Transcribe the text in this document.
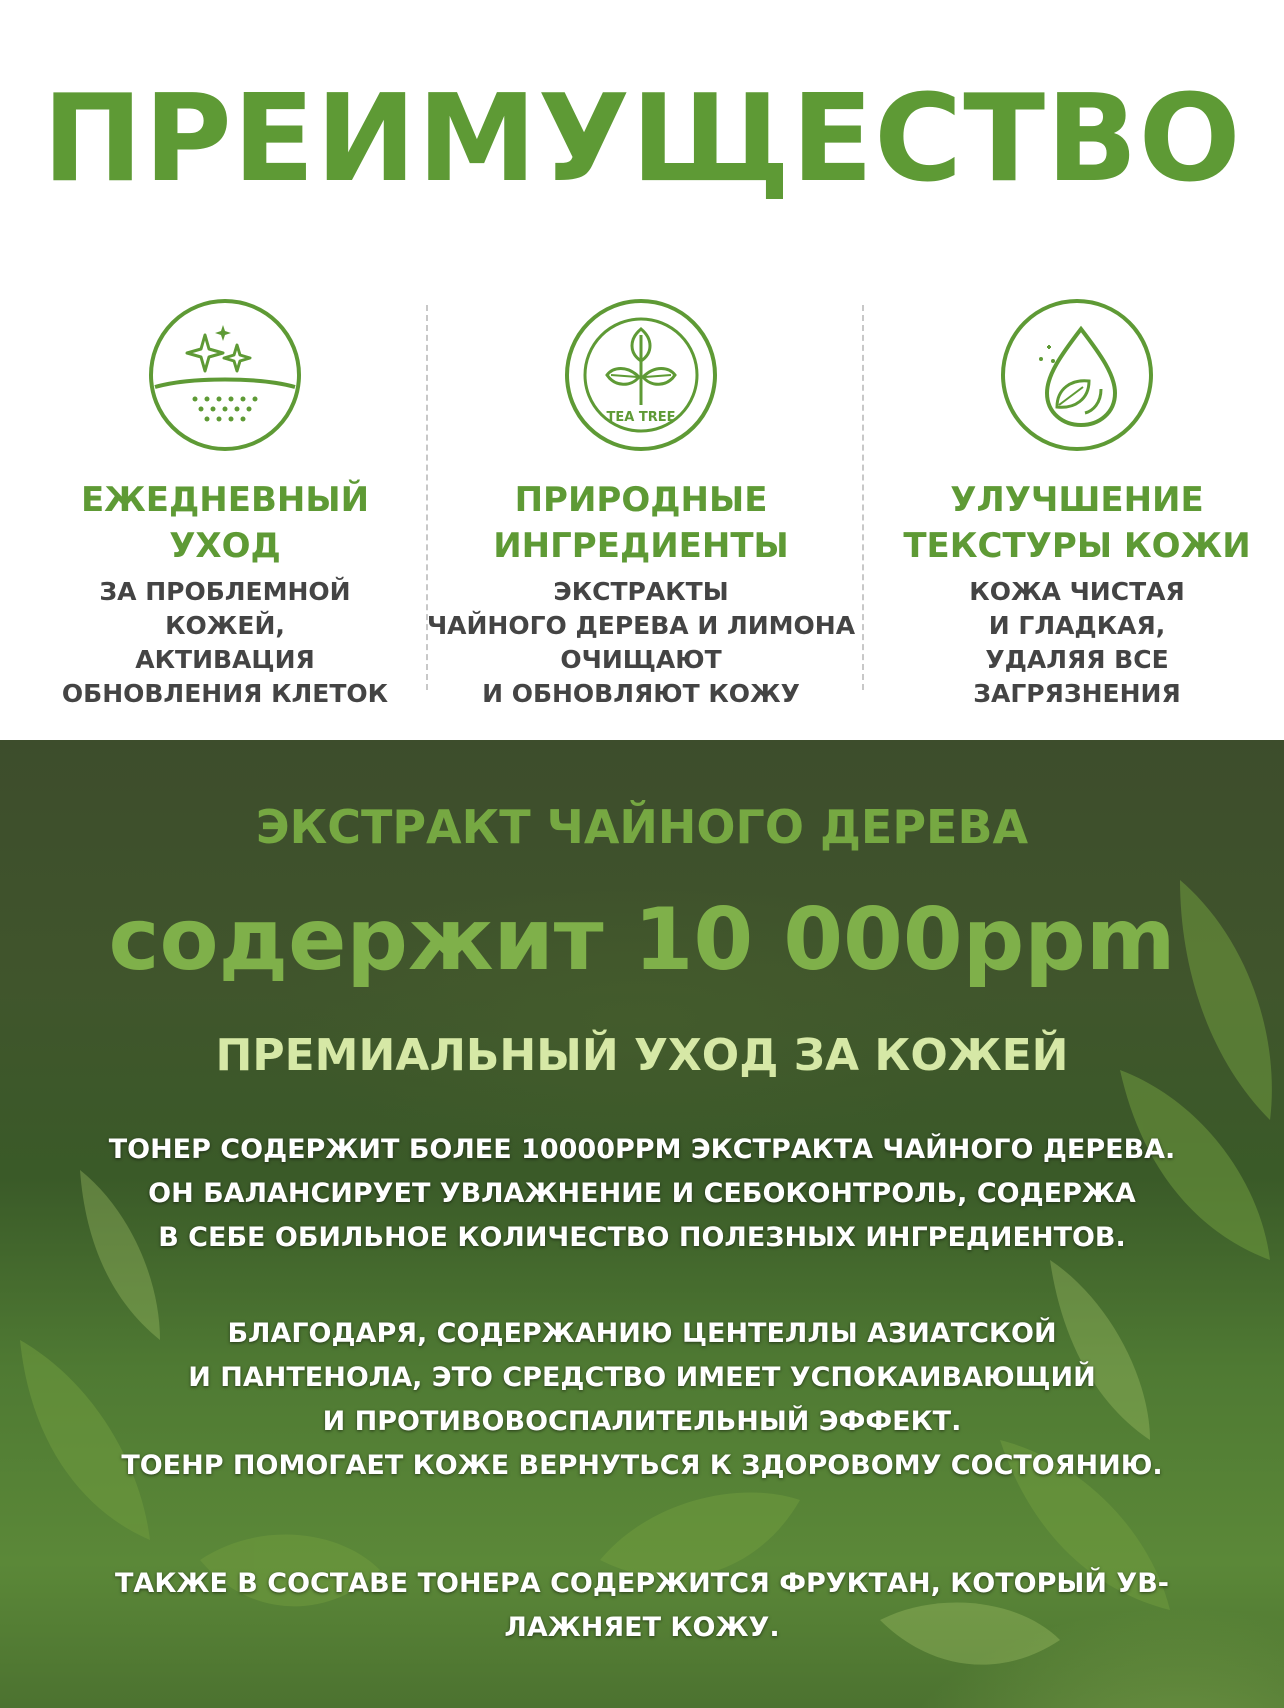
ПРЕИМУЩЕСТВО
ЕЖЕДНЕВНЫЙ
УХОД
ЗА ПРОБЛЕМНОЙ
КОЖЕЙ,
АКТИВАЦИЯ
ОБНОВЛЕНИЯ КЛЕТОК
TEA TREE
ПРИРОДНЫЕ
ИНГРЕДИЕНТЫ
ЭКСТРАКТЫ
ЧАЙНОГО ДЕРЕВА И ЛИМОНА
ОЧИЩАЮТ
И ОБНОВЛЯЮТ КОЖУ
УЛУЧШЕНИЕ
ТЕКСТУРЫ КОЖИ
КОЖА ЧИСТАЯ
И ГЛАДКАЯ,
УДАЛЯЯ ВСЕ
ЗАГРЯЗНЕНИЯ
ЭКСТРАКТ ЧАЙНОГО ДЕРЕВА
содержит 10 000ppm
ПРЕМИАЛЬНЫЙ УХОД ЗА КОЖЕЙ
ТОНЕР СОДЕРЖИТ БОЛЕЕ 10000PPM ЭКСТРАКТА ЧАЙНОГО ДЕРЕВА.
ОН БАЛАНСИРУЕТ УВЛАЖНЕНИЕ И СЕБОКОНТРОЛЬ, СОДЕРЖА
В СЕБЕ ОБИЛЬНОЕ КОЛИЧЕСТВО ПОЛЕЗНЫХ ИНГРЕДИЕНТОВ.
БЛАГОДАРЯ, СОДЕРЖАНИЮ ЦЕНТЕЛЛЫ АЗИАТСКОЙ
И ПАНТЕНОЛА, ЭТО СРЕДСТВО ИМЕЕТ УСПОКАИВАЮЩИЙ
И ПРОТИВОВОСПАЛИТЕЛЬНЫЙ ЭФФЕКТ.
ТОЕНР ПОМОГАЕТ КОЖЕ ВЕРНУТЬСЯ К ЗДОРОВОМУ СОСТОЯНИЮ.
ТАКЖЕ В СОСТАВЕ ТОНЕРА СОДЕРЖИТСЯ ФРУКТАН, КОТОРЫЙ УВ-
ЛАЖНЯЕТ КОЖУ.
